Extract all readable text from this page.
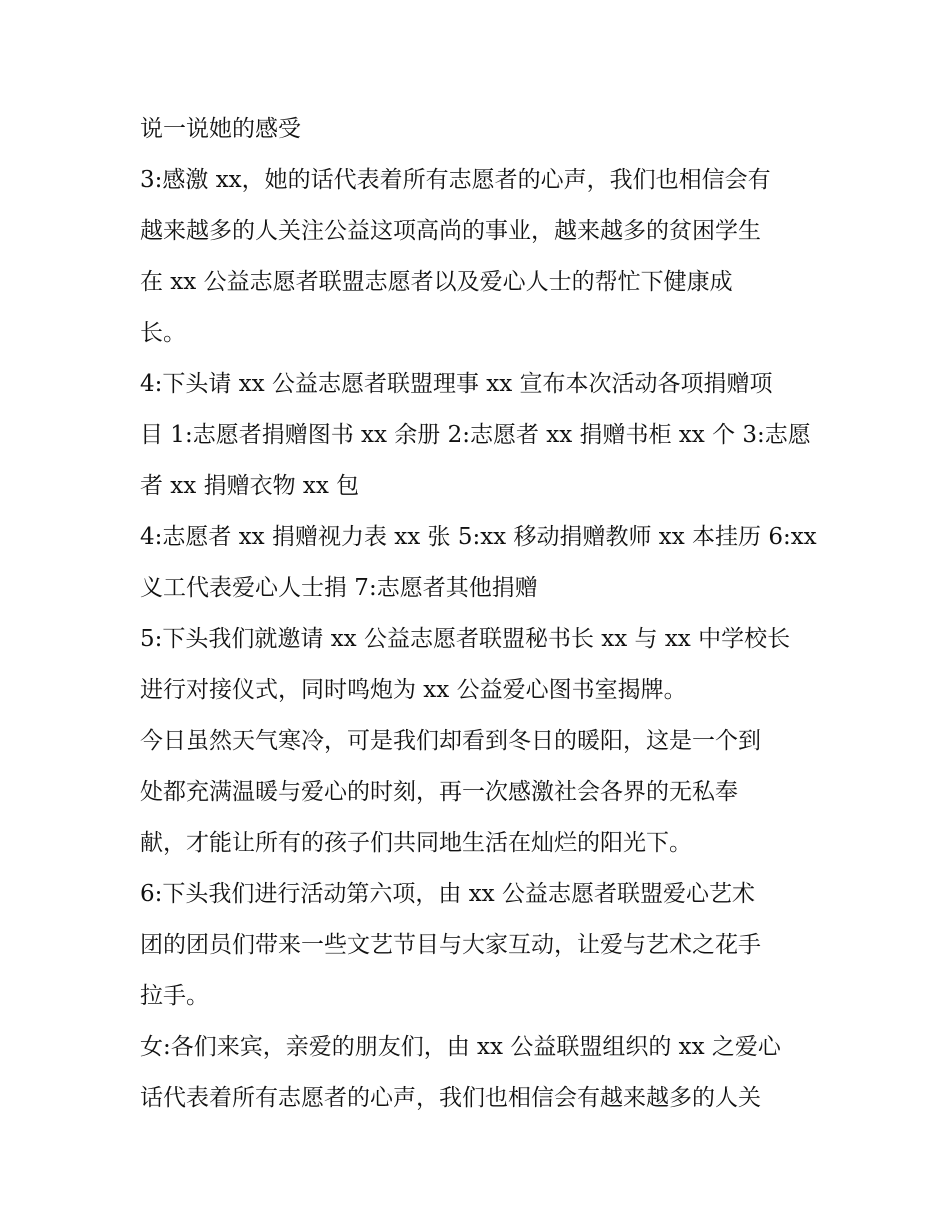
说一说她的感受
3:感激 xx，她的话代表着所有志愿者的心声，我们也相信会有
越来越多的人关注公益这项高尚的事业，越来越多的贫困学生
在 xx 公益志愿者联盟志愿者以及爱心人士的帮忙下健康成
长。
4:下头请 xx 公益志愿者联盟理事 xx 宣布本次活动各项捐赠项
目 1:志愿者捐赠图书 xx 余册 2:志愿者 xx 捐赠书柜 xx 个 3:志愿
者 xx 捐赠衣物 xx 包
4:志愿者 xx 捐赠视力表 xx 张 5:xx 移动捐赠教师 xx 本挂历 6:xx
义工代表爱心人士捐 7:志愿者其他捐赠
5:下头我们就邀请 xx 公益志愿者联盟秘书长 xx 与 xx 中学校长
进行对接仪式，同时鸣炮为 xx 公益爱心图书室揭牌。
今日虽然天气寒冷，可是我们却看到冬日的暖阳，这是一个到
处都充满温暖与爱心的时刻，再一次感激社会各界的无私奉
献，才能让所有的孩子们共同地生活在灿烂的阳光下。
6:下头我们进行活动第六项，由 xx 公益志愿者联盟爱心艺术
团的团员们带来一些文艺节目与大家互动，让爱与艺术之花手
拉手。
女:各们来宾，亲爱的朋友们，由 xx 公益联盟组织的 xx 之爱心
话代表着所有志愿者的心声，我们也相信会有越来越多的人关
